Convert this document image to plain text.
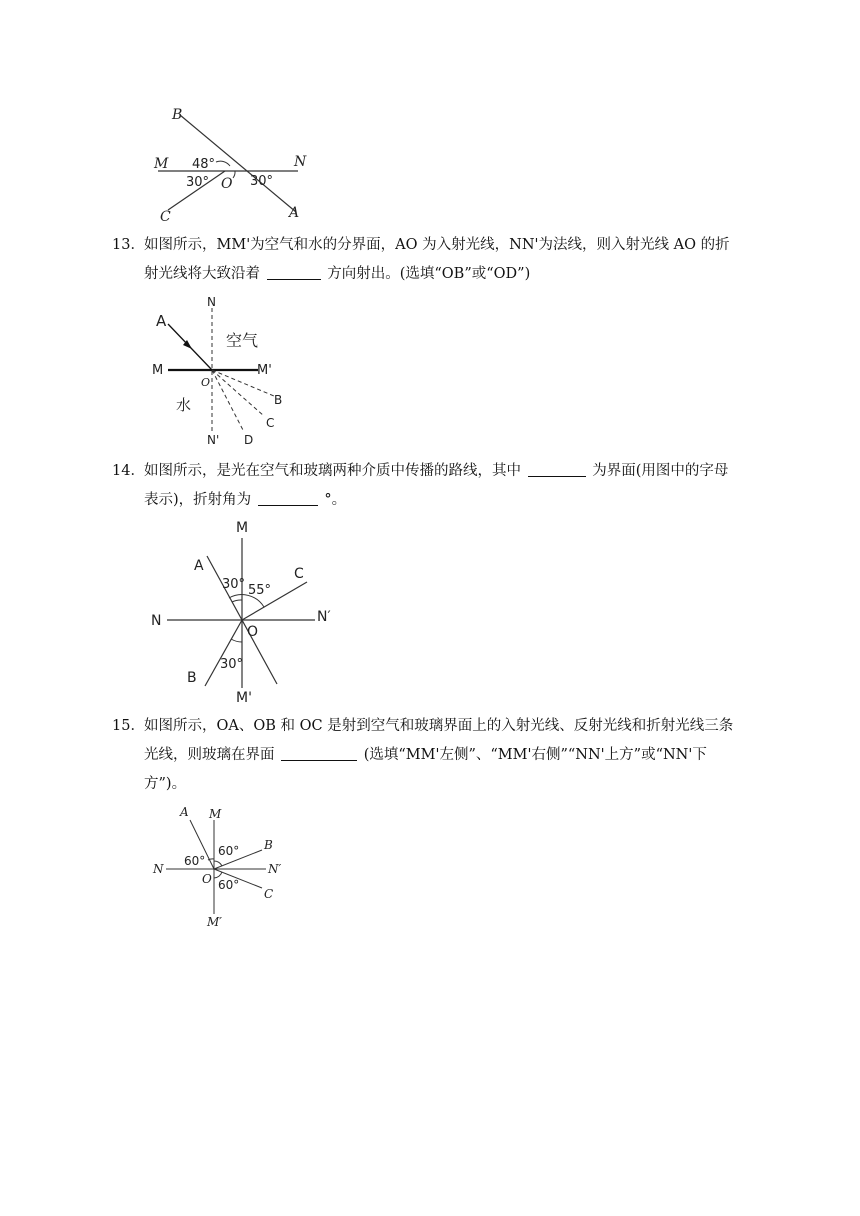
B
M	N
O
C	A
48°
30°	30°
13． 如图所示，MM'为空气和水的分界面，AO 为入射光线，NN'为法线，则入射光线 AO 的折射光线将大致沿着	方向射出。(选填“OB”或“OD”)
A
N
空气
M	M'
O
水	B
C
D
N'
14． 如图所示，是光在空气和玻璃两种介质中传播的路线，其中	为界面(用图中的字母表示)，折射角为	°。
M
A	C
N	N′
O
B
M'
30° 55°
30°
15． 如图所示，OA、OB 和 OC 是射到空气和玻璃界面上的入射光线、反射光线和折射光线三条光线，则玻璃在界面	(选填“MM'左侧”、“MM'右侧”“NN'上方”或“NN'下方”)。
A M
B
N	N′
O
C
M′
60°
60°
60°
